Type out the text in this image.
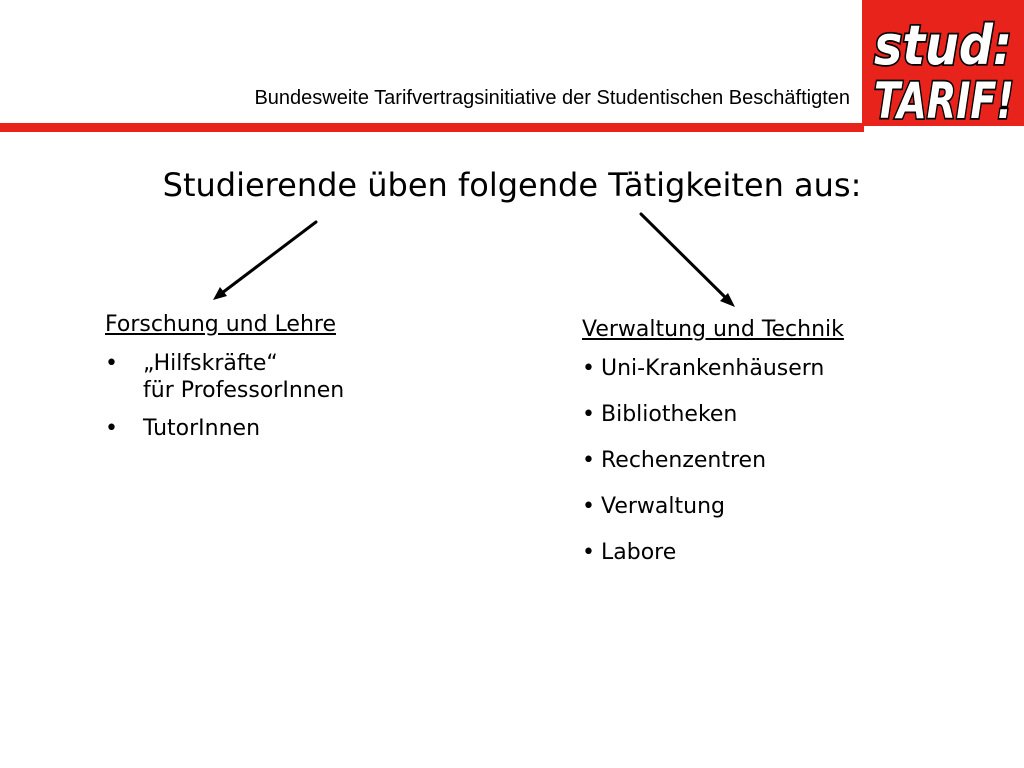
Bundesweite Tarifvertragsinitiative der Studentischen Beschäftigten
stud:
TARIF!
Studierende üben folgende Tätigkeiten aus:
Forschung und Lehre
•	„Hilfskräfte“
für ProfessorInnen
•	TutorInnen
Verwaltung und Technik
• Uni-Krankenhäusern
• Bibliotheken
• Rechenzentren
• Verwaltung
• Labore
